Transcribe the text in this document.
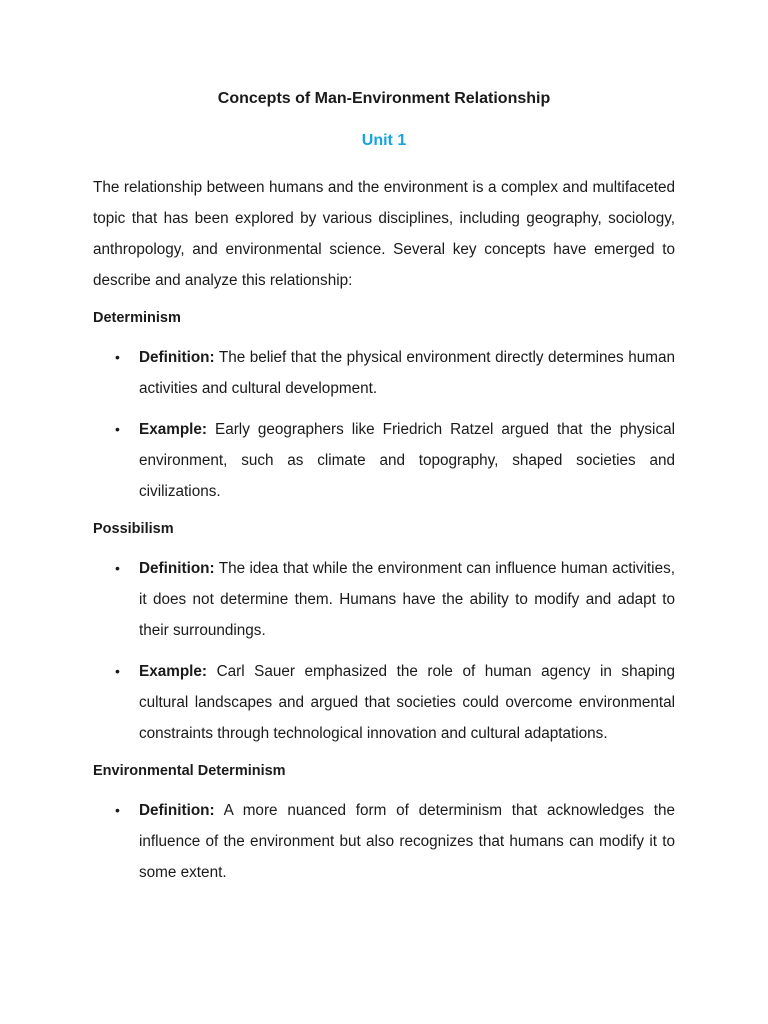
Concepts of Man-Environment Relationship
Unit 1

The relationship between humans and the environment is a complex and multifaceted topic that has been explored by various disciplines, including geography, sociology, anthropology, and environmental science. Several key concepts have emerged to describe and analyze this relationship:

Determinism
• Definition: The belief that the physical environment directly determines human activities and cultural development.
• Example: Early geographers like Friedrich Ratzel argued that the physical environment, such as climate and topography, shaped societies and civilizations.
Possibilism
• Definition: The idea that while the environment can influence human activities, it does not determine them. Humans have the ability to modify and adapt to their surroundings.
• Example: Carl Sauer emphasized the role of human agency in shaping cultural landscapes and argued that societies could overcome environmental constraints through technological innovation and cultural adaptations.
Environmental Determinism
• Definition: A more nuanced form of determinism that acknowledges the influence of the environment but also recognizes that humans can modify it to some extent.
